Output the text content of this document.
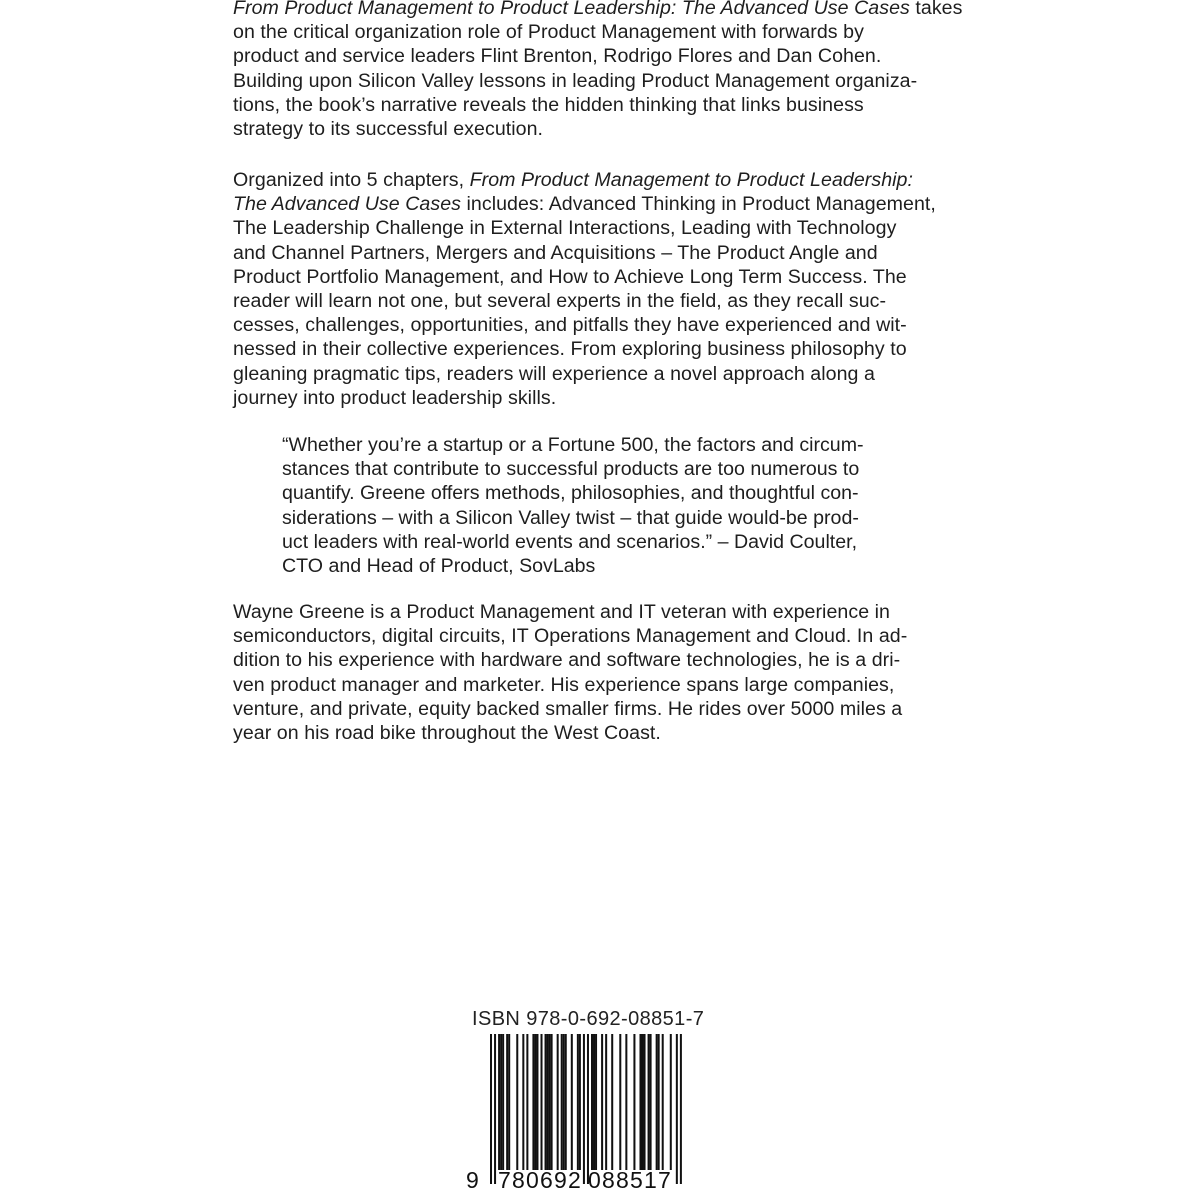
From Product Management to Product Leadership: The Advanced Use Cases takes
on the critical organization role of Product Management with forwards by
product and service leaders Flint Brenton, Rodrigo Flores and Dan Cohen.
Building upon Silicon Valley lessons in leading Product Management organiza-
tions, the book’s narrative reveals the hidden thinking that links business
strategy to its successful execution.
Organized into 5 chapters, From Product Management to Product Leadership:
The Advanced Use Cases includes: Advanced Thinking in Product Management,
The Leadership Challenge in External Interactions, Leading with Technology
and Channel Partners, Mergers and Acquisitions – The Product Angle and
Product Portfolio Management, and How to Achieve Long Term Success. The
reader will learn not one, but several experts in the field, as they recall suc-
cesses, challenges, opportunities, and pitfalls they have experienced and wit-
nessed in their collective experiences. From exploring business philosophy to
gleaning pragmatic tips, readers will experience a novel approach along a
journey into product leadership skills.
“Whether you’re a startup or a Fortune 500, the factors and circum-
stances that contribute to successful products are too numerous to
quantify. Greene offers methods, philosophies, and thoughtful con-
siderations – with a Silicon Valley twist – that guide would-be prod-
uct leaders with real-world events and scenarios.” – David Coulter,
CTO and Head of Product, SovLabs
Wayne Greene is a Product Management and IT veteran with experience in
semiconductors, digital circuits, IT Operations Management and Cloud. In ad-
dition to his experience with hardware and software technologies, he is a dri-
ven product manager and marketer. His experience spans large companies,
venture, and private, equity backed smaller firms. He rides over 5000 miles a
year on his road bike throughout the West Coast.
ISBN 978-0-692-08851-7
9 780692 088517
